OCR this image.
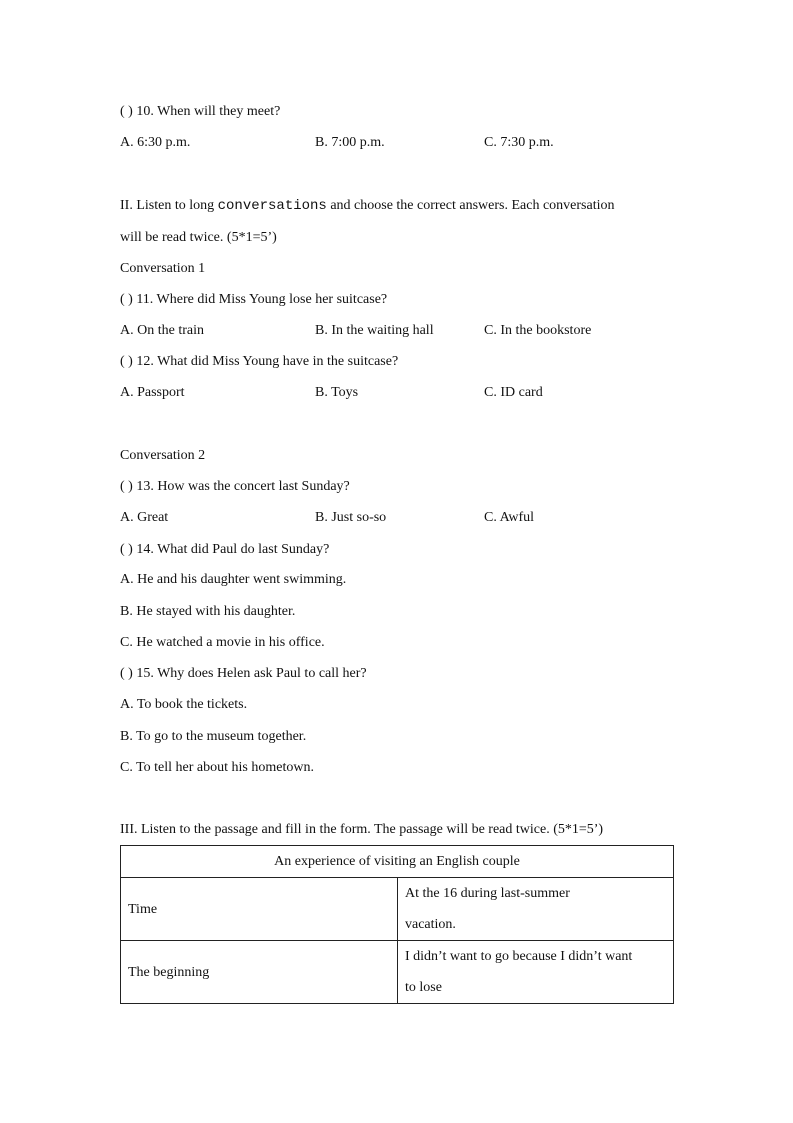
( ) 10. When will they meet?
A. 6:30 p.m.	B. 7:00 p.m.	C. 7:30 p.m.
II. Listen to long conversations and choose the correct answers. Each conversation
will be read twice. (5*1=5’)
Conversation 1
( ) 11. Where did Miss Young lose her suitcase?
A. On the train	B. In the waiting hall	C. In the bookstore
( ) 12. What did Miss Young have in the suitcase?
A. Passport	B. Toys	C. ID card
Conversation 2
( ) 13. How was the concert last Sunday?
A. Great	B. Just so-so	C. Awful
( ) 14. What did Paul do last Sunday?
A. He and his daughter went swimming.
B. He stayed with his daughter.
C. He watched a movie in his office.
( ) 15. Why does Helen ask Paul to call her?
A. To book the tickets.
B. To go to the museum together.
C. To tell her about his hometown.
III. Listen to the passage and fill in the form. The passage will be read twice. (5*1=5’)
An experience of visiting an English couple	
Time	At the 16 during last-summer
vacation.

The beginning	I didn’t want to go because I didn’t want
to lose
